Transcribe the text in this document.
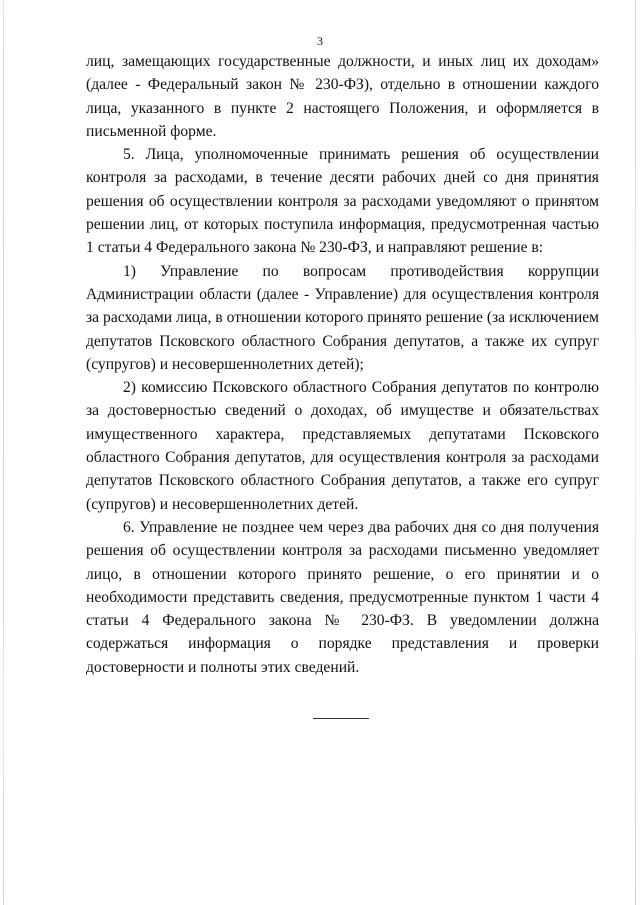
3

лиц, замещающих государственные должности, и иных лиц их доходам» (далее - Федеральный закон № 230-ФЗ), отдельно в отношении каждого лица, указанного в пункте 2 настоящего Положения, и оформляется в письменной форме.

5. Лица, уполномоченные принимать решения об осуществлении контроля за расходами, в течение десяти рабочих дней со дня принятия решения об осуществлении контроля за расходами уведомляют о принятом решении лиц, от которых поступила информация, предусмотренная частью 1 статьи 4 Федерального закона № 230-ФЗ, и направляют решение в:

1) Управление по вопросам противодействия коррупции Администрации области (далее - Управление) для осуществления контроля за расходами лица, в отношении которого принято решение (за исключением депутатов Псковского областного Собрания депутатов, а также их супруг (супругов) и несовершеннолетних детей);

2) комиссию Псковского областного Собрания депутатов по контролю за достоверностью сведений о доходах, об имуществе и обязательствах имущественного характера, представляемых депутатами Псковского областного Собрания депутатов, для осуществления контроля за расходами депутатов Псковского областного Собрания депутатов, а также его супруг (супругов) и несовершеннолетних детей.

6. Управление не позднее чем через два рабочих дня со дня получения решения об осуществлении контроля за расходами письменно уведомляет лицо, в отношении которого принято решение, о его принятии и о необходимости представить сведения, предусмотренные пунктом 1 части 4 статьи 4 Федерального закона № 230-ФЗ. В уведомлении должна содержаться информация о порядке представления и проверки достоверности и полноты этих сведений.
